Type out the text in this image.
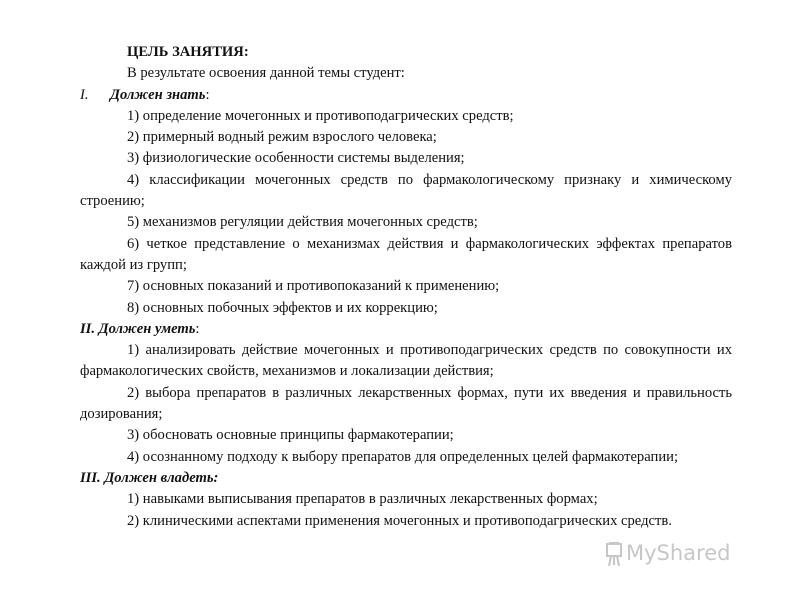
ЦЕЛЬ ЗАНЯТИЯ:
В результате освоения данной темы студент:
I. Должен знать:
1) определение мочегонных и противоподагрических средств;
2) примерный водный режим взрослого человека;
3) физиологические особенности системы выделения;
4) классификации мочегонных средств по фармакологическому признаку и химическому строению;
5) механизмов регуляции действия мочегонных средств;
6) четкое представление о механизмах действия и фармакологических эффектах препаратов каждой из групп;
7) основных показаний и противопоказаний к применению;
8) основных побочных эффектов и их коррекцию;
II. Должен уметь:
1) анализировать действие мочегонных и противоподагрических средств по совокупности их фармакологических свойств, механизмов и локализации действия;
2) выбора препаратов в различных лекарственных формах, пути их введения и правильность дозирования;
3) обосновать основные принципы фармакотерапии;
4) осознанному подходу к выбору препаратов для определенных целей фармакотерапии;
III. Должен владеть:
1) навыками выписывания препаратов в различных лекарственных формах;
2) клиническими аспектами применения мочегонных и противоподагрических средств.
MyShared
